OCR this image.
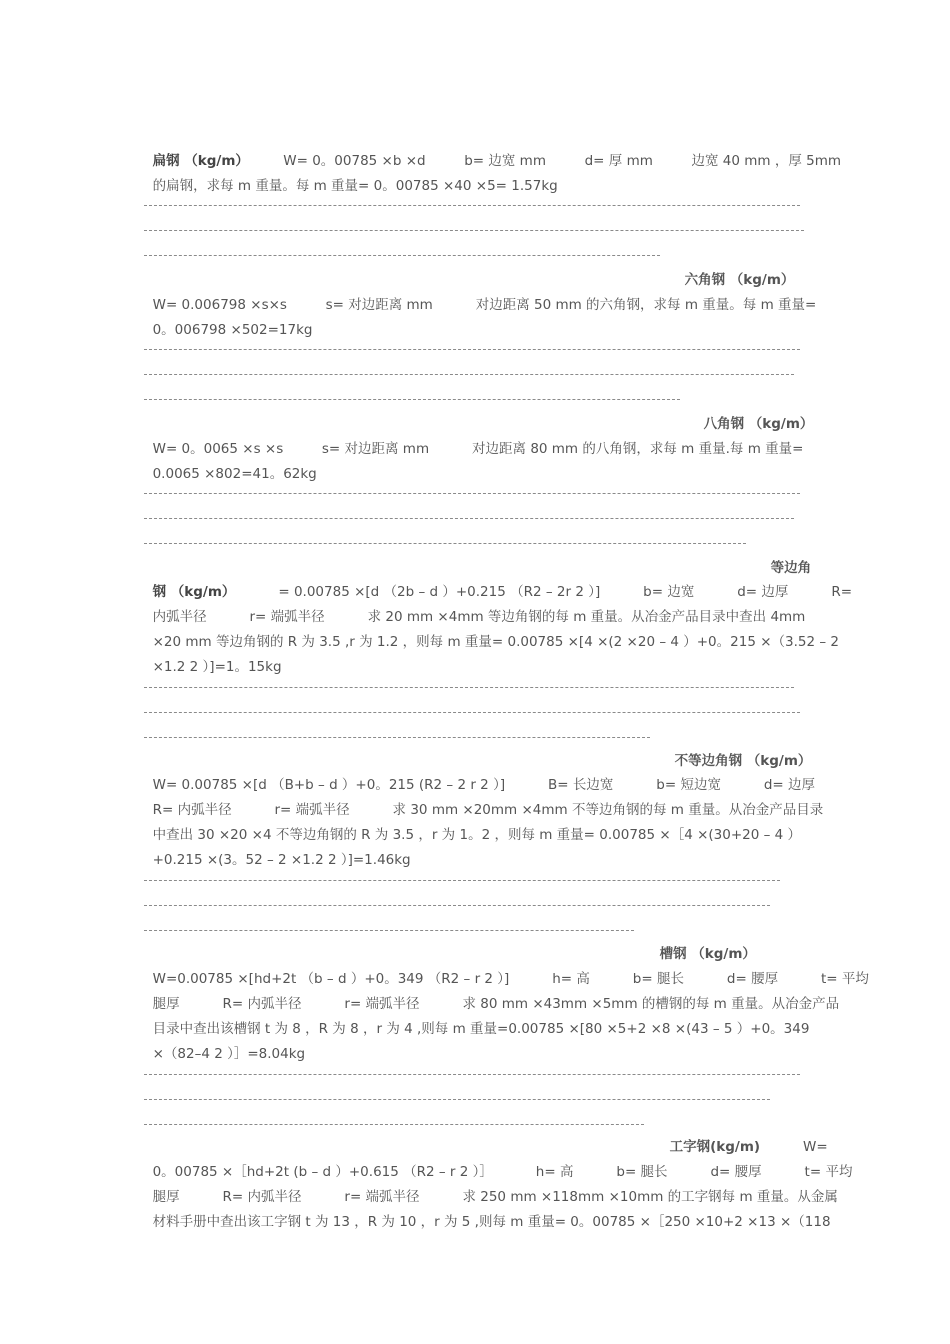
扁钢 （kg/m）        W= 0。00785 ×b ×d         b= 边宽 mm         d= 厚 mm         边宽 40 mm ，厚 5mm

的扁钢，求每 m 重量。每 m 重量= 0。00785 ×40 ×5= 1.57kg

六角钢 （kg/m）

W= 0.006798 ×s×s         s= 对边距离 mm          对边距离 50 mm 的六角钢，求每 m 重量。每 m 重量=

0。006798 ×502=17kg

八角钢 （kg/m）

W= 0。0065 ×s ×s         s= 对边距离 mm          对边距离 80 mm 的八角钢，求每 m 重量.每 m 重量=

0.0065 ×802=41。62kg

等边角

钢 （kg/m）          = 0.00785 ×[d （2b – d ）+0.215 （R2 – 2r 2 ）]          b= 边宽          d= 边厚          R=

内弧半径          r= 端弧半径          求 20 mm ×4mm 等边角钢的每 m 重量。从冶金产品目录中查出 4mm

×20 mm 等边角钢的 R 为 3.5 ,r 为 1.2 ，则每 m 重量= 0.00785 ×[4 ×(2 ×20 – 4 ）+0。215 ×（3.52 – 2

×1.2 2 ）]=1。15kg

不等边角钢 （kg/m）

W= 0.00785 ×[d （B+b – d ）+0。215 (R2 – 2 r 2 ）]          B= 长边宽          b= 短边宽          d= 边厚

R= 内弧半径          r= 端弧半径          求 30 mm ×20mm ×4mm 不等边角钢的每 m 重量。从冶金产品目录

中查出 30 ×20 ×4 不等边角钢的 R 为 3.5 ，r 为 1。2 ，则每 m 重量= 0.00785 ×［4 ×(30+20 – 4 ）

+0.215 ×(3。52 – 2 ×1.2 2 ）]=1.46kg

槽钢 （kg/m）

W=0.00785 ×[hd+2t （b – d ）+0。349 （R2 – r 2 ）]          h= 高          b= 腿长          d= 腰厚          t= 平均

腿厚          R= 内弧半径          r= 端弧半径          求 80 mm ×43mm ×5mm 的槽钢的每 m 重量。从冶金产品

目录中查出该槽钢 t 为 8 ，R 为 8 ，r 为 4 ,则每 m 重量=0.00785 ×[80 ×5+2 ×8 ×(43 – 5 ）+0。349

×（82–4 2 ）］=8.04kg

工字钢(kg/m)          W=

0。00785 ×［hd+2t (b – d ）+0.615 （R2 – r 2 ）］          h= 高          b= 腿长          d= 腰厚          t= 平均

腿厚          R= 内弧半径          r= 端弧半径          求 250 mm ×118mm ×10mm 的工字钢每 m 重量。从金属

材料手册中查出该工字钢 t 为 13 ，R 为 10 ，r 为 5 ,则每 m 重量= 0。00785 ×［250 ×10+2 ×13 ×（118
